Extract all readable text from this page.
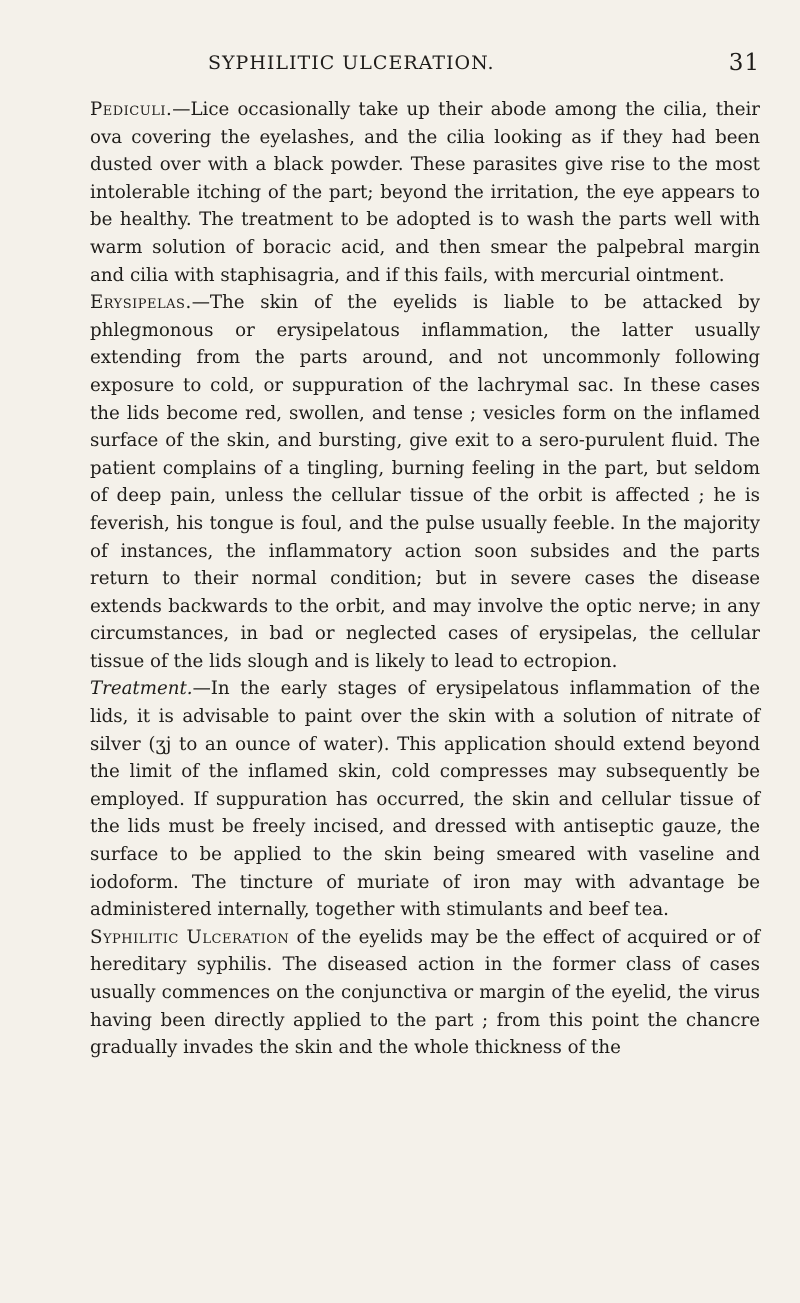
SYPHILITIC ULCERATION.	31

Pediculi.—Lice occasionally take up their abode among the cilia, their ova covering the eyelashes, and the cilia looking as if they had been dusted over with a black powder. These parasites give rise to the most intolerable itching of the part; beyond the irritation, the eye appears to be healthy. The treatment to be adopted is to wash the parts well with warm solution of boracic acid, and then smear the palpebral margin and cilia with staphisagria, and if this fails, with mercurial ointment.

Erysipelas.—The skin of the eyelids is liable to be attacked by phlegmonous or erysipelatous inflammation, the latter usually extending from the parts around, and not uncommonly following exposure to cold, or suppuration of the lachrymal sac. In these cases the lids become red, swollen, and tense ; vesicles form on the inflamed surface of the skin, and bursting, give exit to a sero-purulent fluid. The patient complains of a tingling, burning feeling in the part, but seldom of deep pain, unless the cellular tissue of the orbit is affected ; he is feverish, his tongue is foul, and the pulse usually feeble. In the majority of instances, the inflammatory action soon subsides and the parts return to their normal condition; but in severe cases the disease extends backwards to the orbit, and may involve the optic nerve; in any circumstances, in bad or neglected cases of erysipelas, the cellular tissue of the lids slough and is likely to lead to ectropion.

Treatment.—In the early stages of erysipelatous inflammation of the lids, it is advisable to paint over the skin with a solution of nitrate of silver (ʒj to an ounce of water). This application should extend beyond the limit of the inflamed skin, cold compresses may subsequently be employed. If suppuration has occurred, the skin and cellular tissue of the lids must be freely incised, and dressed with antiseptic gauze, the surface to be applied to the skin being smeared with vaseline and iodoform. The tincture of muriate of iron may with advantage be administered internally, together with stimulants and beef tea.

Syphilitic Ulceration of the eyelids may be the effect of acquired or of hereditary syphilis. The diseased action in the former class of cases usually commences on the conjunctiva or margin of the eyelid, the virus having been directly applied to the part ; from this point the chancre gradually invades the skin and the whole thickness of the
